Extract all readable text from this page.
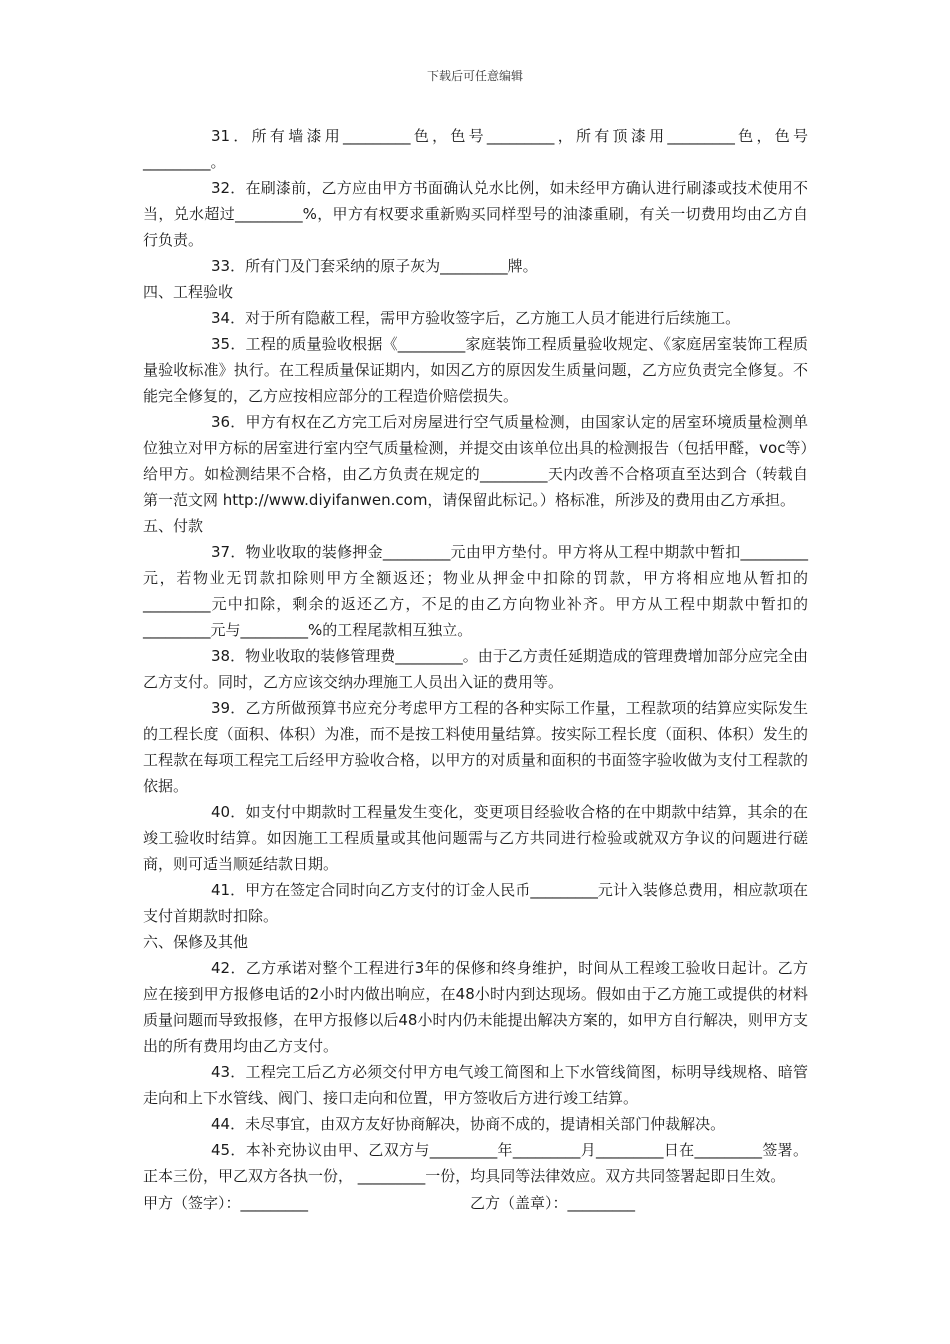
下载后可任意编辑

31．所有墙漆用_________色，色号_________，所有顶漆用_________色，色号_________。

32．在刷漆前，乙方应由甲方书面确认兑水比例，如未经甲方确认进行刷漆或技术使用不当，兑水超过_________%，甲方有权要求重新购买同样型号的油漆重刷，有关一切费用均由乙方自行负责。

33．所有门及门套采纳的原子灰为_________牌。

四、工程验收

34．对于所有隐蔽工程，需甲方验收签字后，乙方施工人员才能进行后续施工。

35．工程的质量验收根据《_________家庭装饰工程质量验收规定、《家庭居室装饰工程质量验收标准》执行。在工程质量保证期内，如因乙方的原因发生质量问题，乙方应负责完全修复。不能完全修复的，乙方应按相应部分的工程造价赔偿损失。

36．甲方有权在乙方完工后对房屋进行空气质量检测，由国家认定的居室环境质量检测单位独立对甲方标的居室进行室内空气质量检测，并提交由该单位出具的检测报告（包括甲醛，voc等）给甲方。如检测结果不合格，由乙方负责在规定的_________天内改善不合格项直至达到合（转载自第一范文网 http://www.diyifanwen.com，请保留此标记。）格标准，所涉及的费用由乙方承担。

五、付款

37．物业收取的装修押金_________元由甲方垫付。甲方将从工程中期款中暂扣_________元，若物业无罚款扣除则甲方全额返还；物业从押金中扣除的罚款，甲方将相应地从暂扣的_________元中扣除，剩余的返还乙方，不足的由乙方向物业补齐。甲方从工程中期款中暂扣的_________元与_________%的工程尾款相互独立。

38．物业收取的装修管理费_________。由于乙方责任延期造成的管理费增加部分应完全由乙方支付。同时，乙方应该交纳办理施工人员出入证的费用等。

39．乙方所做预算书应充分考虑甲方工程的各种实际工作量，工程款项的结算应实际发生的工程长度（面积、体积）为准，而不是按工料使用量结算。按实际工程长度（面积、体积）发生的工程款在每项工程完工后经甲方验收合格，以甲方的对质量和面积的书面签字验收做为支付工程款的依据。

40．如支付中期款时工程量发生变化，变更项目经验收合格的在中期款中结算，其余的在竣工验收时结算。如因施工工程质量或其他问题需与乙方共同进行检验或就双方争议的问题进行磋商，则可适当顺延结款日期。

41．甲方在签定合同时向乙方支付的订金人民币_________元计入装修总费用，相应款项在支付首期款时扣除。

六、保修及其他

42．乙方承诺对整个工程进行3年的保修和终身维护，时间从工程竣工验收日起计。乙方应在接到甲方报修电话的2小时内做出响应，在48小时内到达现场。假如由于乙方施工或提供的材料质量问题而导致报修，在甲方报修以后48小时内仍未能提出解决方案的，如甲方自行解决，则甲方支出的所有费用均由乙方支付。

43．工程完工后乙方必须交付甲方电气竣工简图和上下水管线简图，标明导线规格、暗管走向和上下水管线、阀门、接口走向和位置，甲方签收后方进行竣工结算。

44．未尽事宜，由双方友好协商解决，协商不成的，提请相关部门仲裁解决。

45．本补充协议由甲、乙双方与_________年_________月_________日在_________签署。正本三份，甲乙双方各执一份， _________一份，均具同等法律效应。双方共同签署起即日生效。

甲方（签字）：_________	乙方（盖章）：_________
